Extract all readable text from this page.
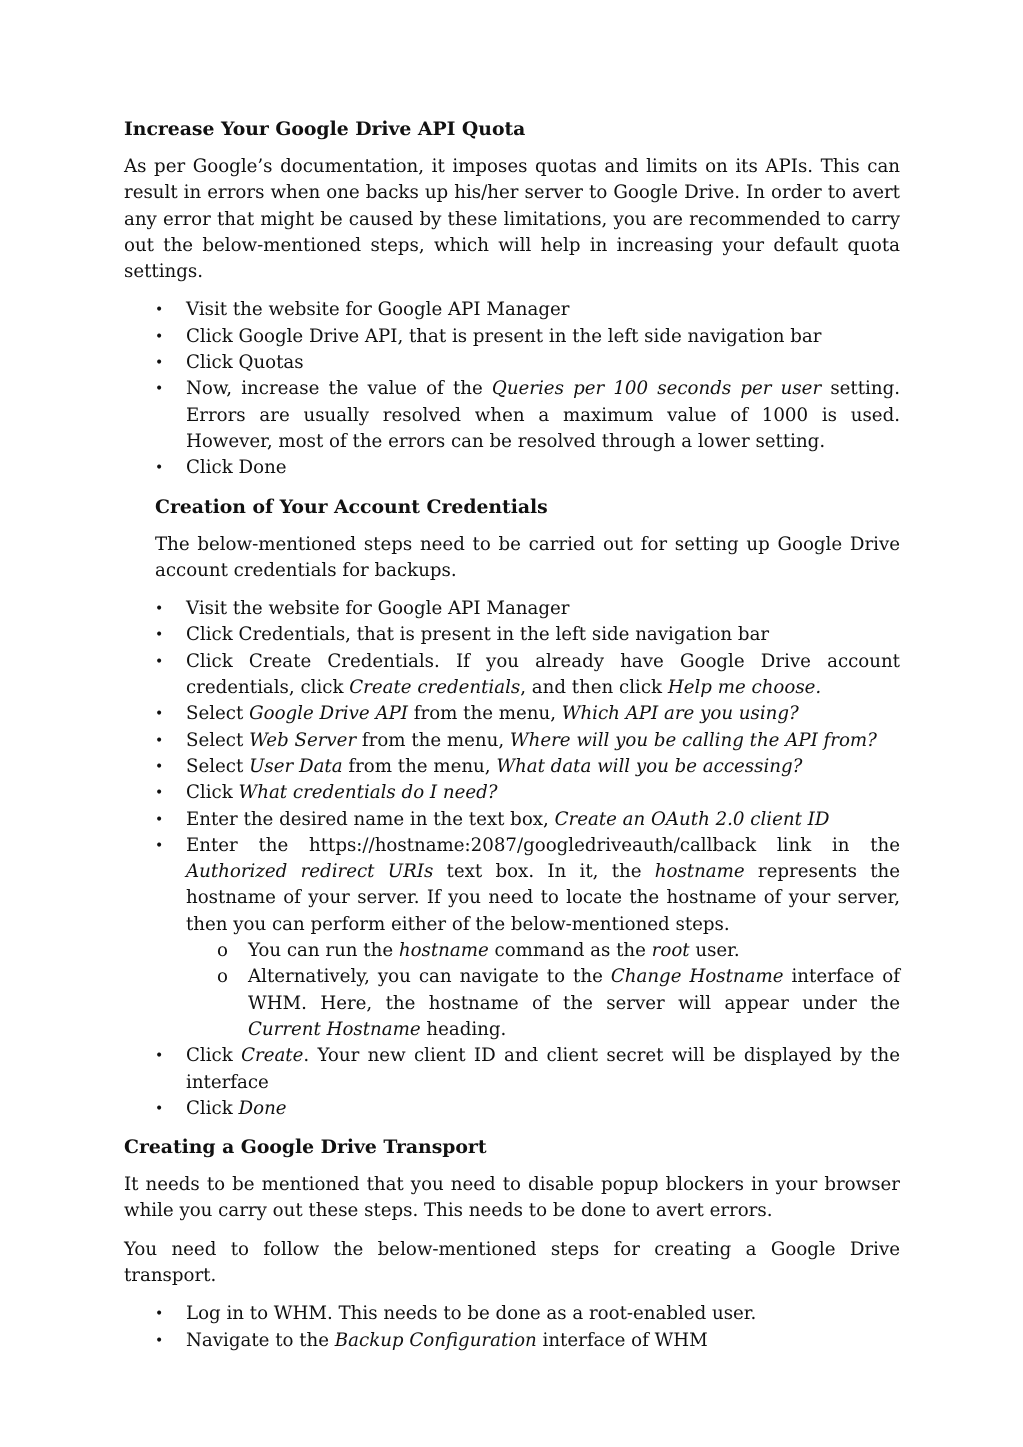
Increase Your Google Drive API Quota

As per Google’s documentation, it imposes quotas and limits on its APIs. This can result in errors when one backs up his/her server to Google Drive. In order to avert any error that might be caused by these limitations, you are recommended to carry out the below-mentioned steps, which will help in increasing your default quota settings.

• Visit the website for Google API Manager
• Click Google Drive API, that is present in the left side navigation bar
• Click Quotas
• Now, increase the value of the Queries per 100 seconds per user setting. Errors are usually resolved when a maximum value of 1000 is used. However, most of the errors can be resolved through a lower setting.
• Click Done
Creation of Your Account Credentials

The below-mentioned steps need to be carried out for setting up Google Drive account credentials for backups.

• Visit the website for Google API Manager
• Click Credentials, that is present in the left side navigation bar
• Click Create Credentials. If you already have Google Drive account credentials, click Create credentials, and then click Help me choose.
• Select Google Drive API from the menu, Which API are you using?
• Select Web Server from the menu, Where will you be calling the API from?
• Select User Data from the menu, What data will you be accessing?
• Click What credentials do I need?
• Enter the desired name in the text box, Create an OAuth 2.0 client ID
• Enter the https://hostname:2087/googledriveauth/callback link in the Authorized redirect URIs text box. In it, the hostname represents the hostname of your server. If you need to locate the hostname of your server, then you can perform either of the below-mentioned steps.
o You can run the hostname command as the root user.
o Alternatively, you can navigate to the Change Hostname interface of WHM. Here, the hostname of the server will appear under the Current Hostname heading.
• Click Create. Your new client ID and client secret will be displayed by the interface
• Click Done
Creating a Google Drive Transport

It needs to be mentioned that you need to disable popup blockers in your browser while you carry out these steps. This needs to be done to avert errors.

You need to follow the below-mentioned steps for creating a Google Drive transport.

• Log in to WHM. This needs to be done as a root-enabled user.
• Navigate to the Backup Configuration interface of WHM
